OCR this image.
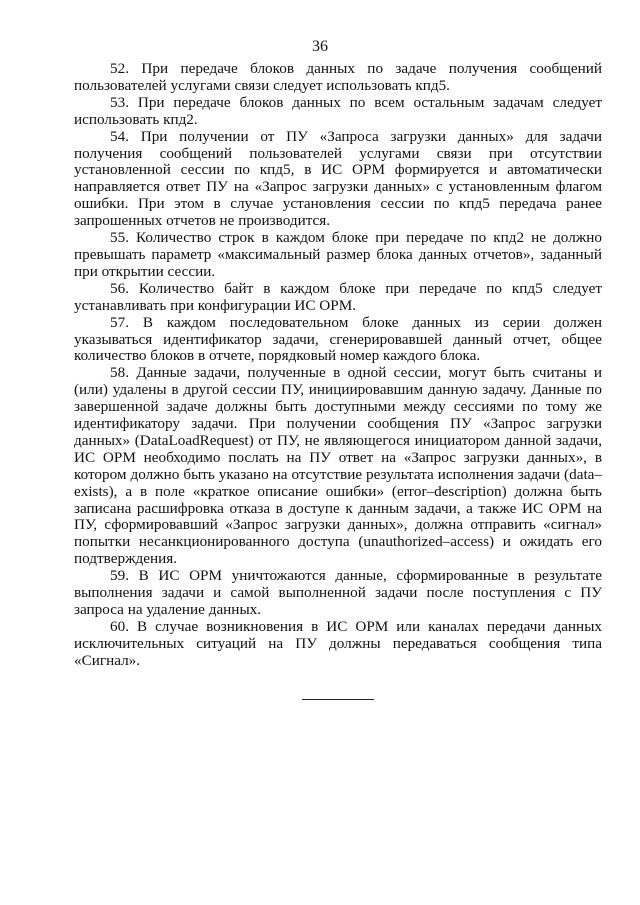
36

52. При передаче блоков данных по задаче получения сообщений пользователей услугами связи следует использовать кпд5.

53. При передаче блоков данных по всем остальным задачам следует использовать кпд2.

54. При получении от ПУ «Запроса загрузки данных» для задачи получения сообщений пользователей услугами связи при отсутствии установленной сессии по кпд5, в ИС ОРМ формируется и автоматически направляется ответ ПУ на «Запрос загрузки данных» с установленным флагом ошибки. При этом в случае установления сессии по кпд5 передача ранее запрошенных отчетов не производится.

55. Количество строк в каждом блоке при передаче по кпд2 не должно превышать параметр «максимальный размер блока данных отчетов», заданный при открытии сессии.

56. Количество байт в каждом блоке при передаче по кпд5 следует устанавливать при конфигурации ИС ОРМ.

57. В каждом последовательном блоке данных из серии должен указываться идентификатор задачи, сгенерировавшей данный отчет, общее количество блоков в отчете, порядковый номер каждого блока.

58. Данные задачи, полученные в одной сессии, могут быть считаны и (или) удалены в другой сессии ПУ, инициировавшим данную задачу. Данные по завершенной задаче должны быть доступными между сессиями по тому же идентификатору задачи. При получении сообщения ПУ «Запрос загрузки данных» (DataLoadRequest) от ПУ, не являющегося инициатором данной задачи, ИС ОРМ необходимо послать на ПУ ответ на «Запрос загрузки данных», в котором должно быть указано на отсутствие результата исполнения задачи (data–exists), а в поле «краткое описание ошибки» (error–description) должна быть записана расшифровка отказа в доступе к данным задачи, а также ИС ОРМ на ПУ, сформировавший «Запрос загрузки данных», должна отправить «сигнал» попытки несанкционированного доступа (unauthorized–access) и ожидать его подтверждения.

59. В ИС ОРМ уничтожаются данные, сформированные в результате выполнения задачи и самой выполненной задачи после поступления с ПУ запроса на удаление данных.

60. В случае возникновения в ИС ОРМ или каналах передачи данных исключительных ситуаций на ПУ должны передаваться сообщения типа «Сигнал».
